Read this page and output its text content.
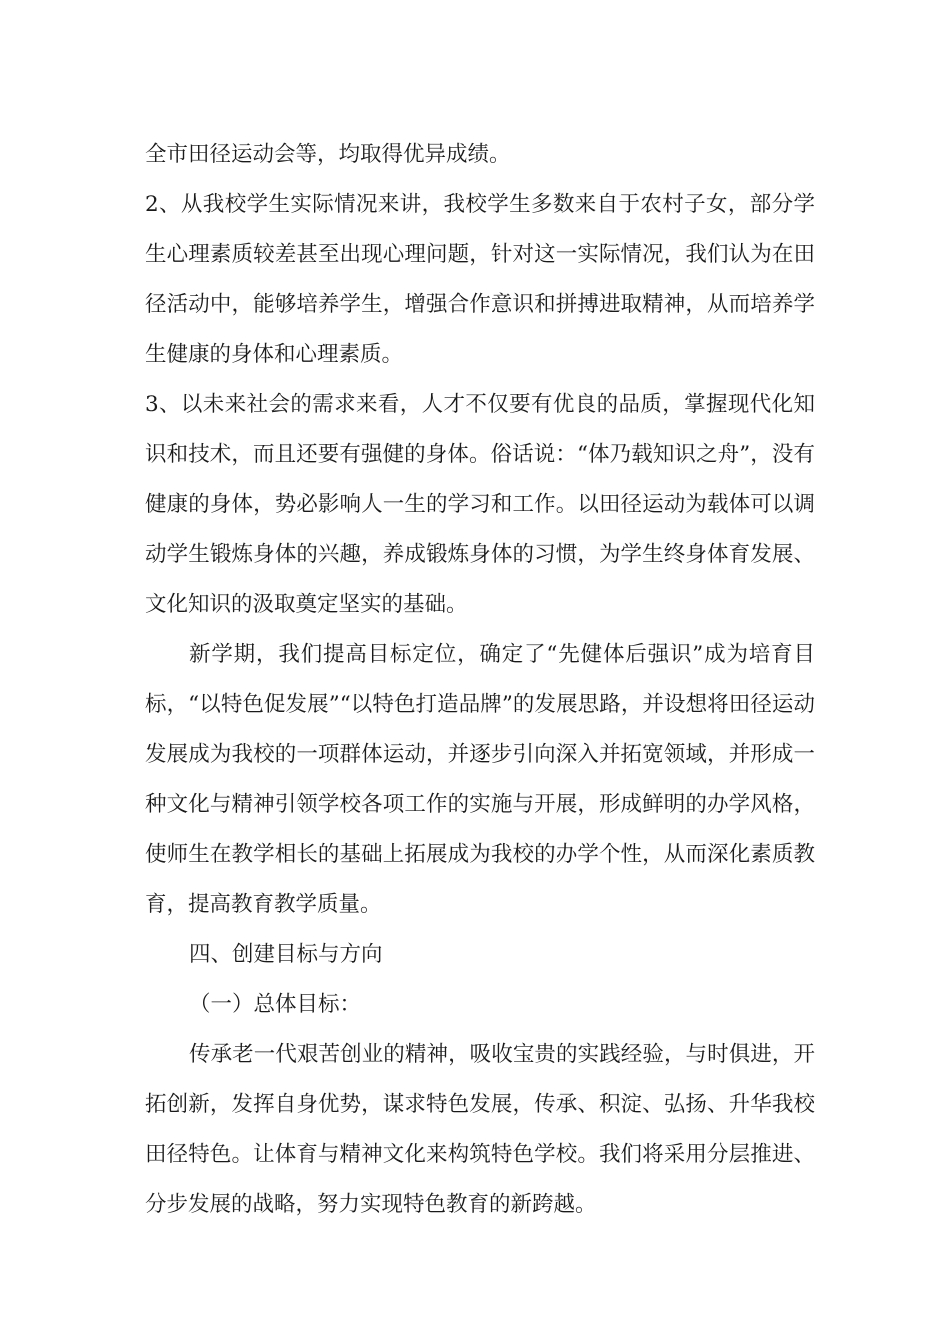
全市田径运动会等，均取得优异成绩。

2、从我校学生实际情况来讲，我校学生多数来自于农村子女，部分学生心理素质较差甚至出现心理问题，针对这一实际情况，我们认为在田径活动中，能够培养学生，增强合作意识和拼搏进取精神，从而培养学生健康的身体和心理素质。

3、以未来社会的需求来看，人才不仅要有优良的品质，掌握现代化知识和技术，而且还要有强健的身体。俗话说：“体乃载知识之舟”，没有健康的身体，势必影响人一生的学习和工作。以田径运动为载体可以调动学生锻炼身体的兴趣，养成锻炼身体的习惯，为学生终身体育发展、文化知识的汲取奠定坚实的基础。

新学期，我们提高目标定位，确定了“先健体后强识”成为培育目标，“以特色促发展”“以特色打造品牌”的发展思路，并设想将田径运动发展成为我校的一项群体运动，并逐步引向深入并拓宽领域，并形成一种文化与精神引领学校各项工作的实施与开展，形成鲜明的办学风格，使师生在教学相长的基础上拓展成为我校的办学个性，从而深化素质教育，提高教育教学质量。

四、创建目标与方向

（一）总体目标：

传承老一代艰苦创业的精神，吸收宝贵的实践经验，与时俱进，开拓创新，发挥自身优势，谋求特色发展，传承、积淀、弘扬、升华我校田径特色。让体育与精神文化来构筑特色学校。我们将采用分层推进、分步发展的战略，努力实现特色教育的新跨越。
